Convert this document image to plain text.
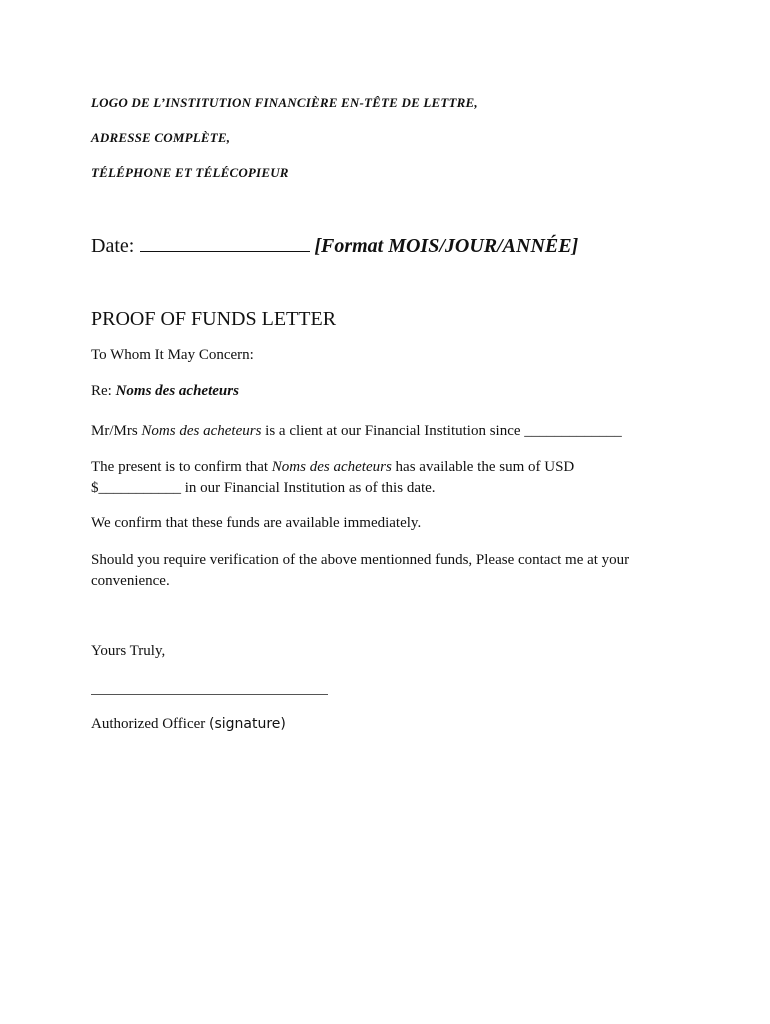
LOGO DE L’INSTITUTION FINANCIÈRE EN-TÊTE DE LETTRE,
ADRESSE COMPLÈTE,
TÉLÉPHONE ET TÉLÉCOPIEUR
Date:	[Format MOIS/JOUR/ANNÉE]
PROOF OF FUNDS LETTER
To Whom It May Concern:
Re: Noms des acheteurs
Mr/Mrs Noms des acheteurs is a client at our Financial Institution since _____________
The present is to confirm that Noms des acheteurs has available the sum of USD
$___________ in our Financial Institution as of this date.
We confirm that these funds are available immediately.
Should you require verification of the above mentionned funds, Please contact me at your
convenience.
Yours Truly,
Authorized Officer (signature)
